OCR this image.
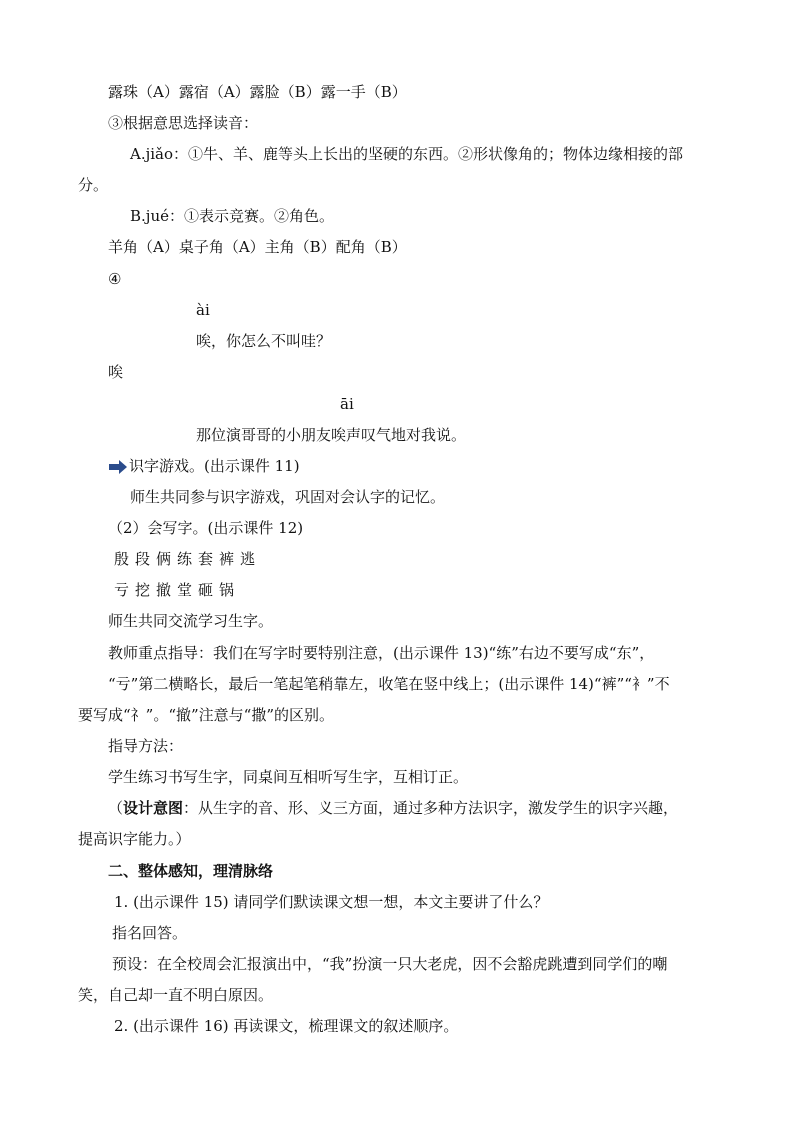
露珠（A）露宿（A）露脸（B）露一手（B）
③根据意思选择读音：
A.jiǎo：①牛、羊、鹿等头上长出的坚硬的东西。②形状像角的；物体边缘相接的部
分。
B.jué：①表示竞赛。②角色。
羊角（A）桌子角（A）主角（B）配角（B）
④
ài
唉，你怎么不叫哇？
唉
āi
那位演哥哥的小朋友唉声叹气地对我说。
识字游戏。(出示课件 11)
师生共同参与识字游戏，巩固对会认字的记忆。
（2）会写字。(出示课件 12)
殷段俩练套裤逃
亏挖撤堂砸锅
师生共同交流学习生字。
教师重点指导：我们在写字时要特别注意，(出示课件 13)“练”右边不要写成“东”，
“亏”第二横略长，最后一笔起笔稍靠左，收笔在竖中线上；(出示课件 14)“裤”“衤”不
要写成“礻”。“撤”注意与“撒”的区别。
指导方法：
学生练习书写生字，同桌间互相听写生字，互相订正。
（设计意图：从生字的音、形、义三方面，通过多种方法识字，激发学生的识字兴趣，
提高识字能力。）
二、整体感知，理清脉络
1. (出示课件 15) 请同学们默读课文想一想，本文主要讲了什么？
指名回答。
预设：在全校周会汇报演出中，“我”扮演一只大老虎，因不会豁虎跳遭到同学们的嘲
笑，自己却一直不明白原因。
2. (出示课件 16) 再读课文，梳理课文的叙述顺序。
